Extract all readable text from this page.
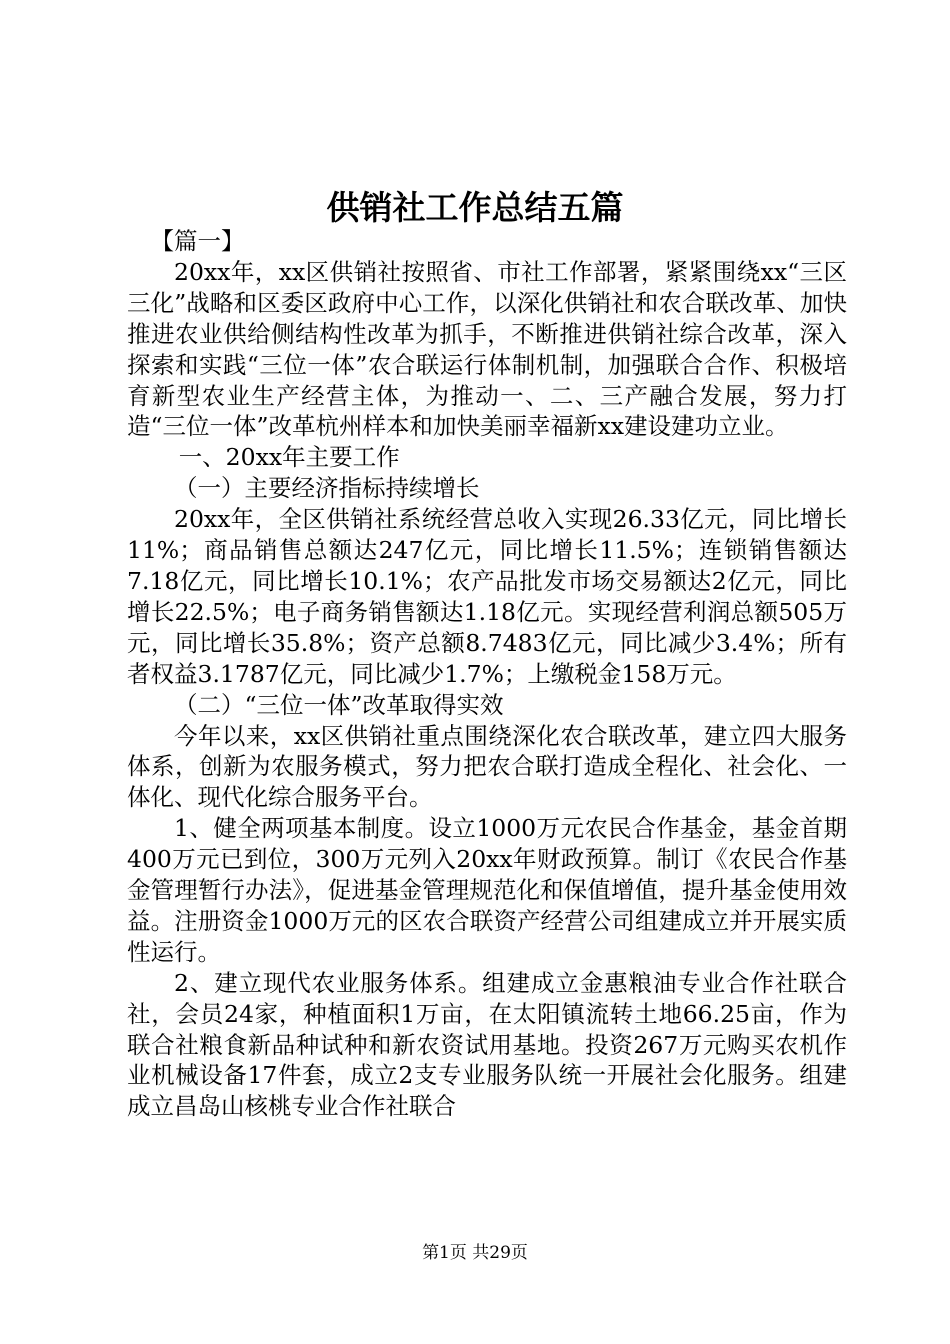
供销社工作总结五篇

【篇一】

20xx年，xx区供销社按照省、市社工作部署，紧紧围绕xx“三区三化”战略和区委区政府中心工作，以深化供销社和农合联改革、加快推进农业供给侧结构性改革为抓手，不断推进供销社综合改革，深入探索和实践“三位一体”农合联运行体制机制，加强联合合作、积极培育新型农业生产经营主体，为推动一、二、三产融合发展，努力打造“三位一体”改革杭州样本和加快美丽幸福新xx建设建功立业。

一、20xx年主要工作

（一）主要经济指标持续增长

20xx年，全区供销社系统经营总收入实现26.33亿元，同比增长11%；商品销售总额达247亿元，同比增长11.5%；连锁销售额达7.18亿元，同比增长10.1%；农产品批发市场交易额达2亿元，同比增长22.5%；电子商务销售额达1.18亿元。实现经营利润总额505万元，同比增长35.8%；资产总额8.7483亿元，同比减少3.4%；所有者权益3.1787亿元，同比减少1.7%；上缴税金158万元。

（二）“三位一体”改革取得实效

今年以来，xx区供销社重点围绕深化农合联改革，建立四大服务体系，创新为农服务模式，努力把农合联打造成全程化、社会化、一体化、现代化综合服务平台。

1、健全两项基本制度。设立1000万元农民合作基金，基金首期400万元已到位，300万元列入20xx年财政预算。制订《农民合作基金管理暂行办法》，促进基金管理规范化和保值增值，提升基金使用效益。注册资金1000万元的区农合联资产经营公司组建成立并开展实质性运行。

2、建立现代农业服务体系。组建成立金惠粮油专业合作社联合社，会员24家，种植面积1万亩，在太阳镇流转土地66.25亩，作为联合社粮食新品种试种和新农资试用基地。投资267万元购买农机作业机械设备17件套，成立2支专业服务队统一开展社会化服务。组建成立昌岛山核桃专业合作社联合

第1页 共29页
